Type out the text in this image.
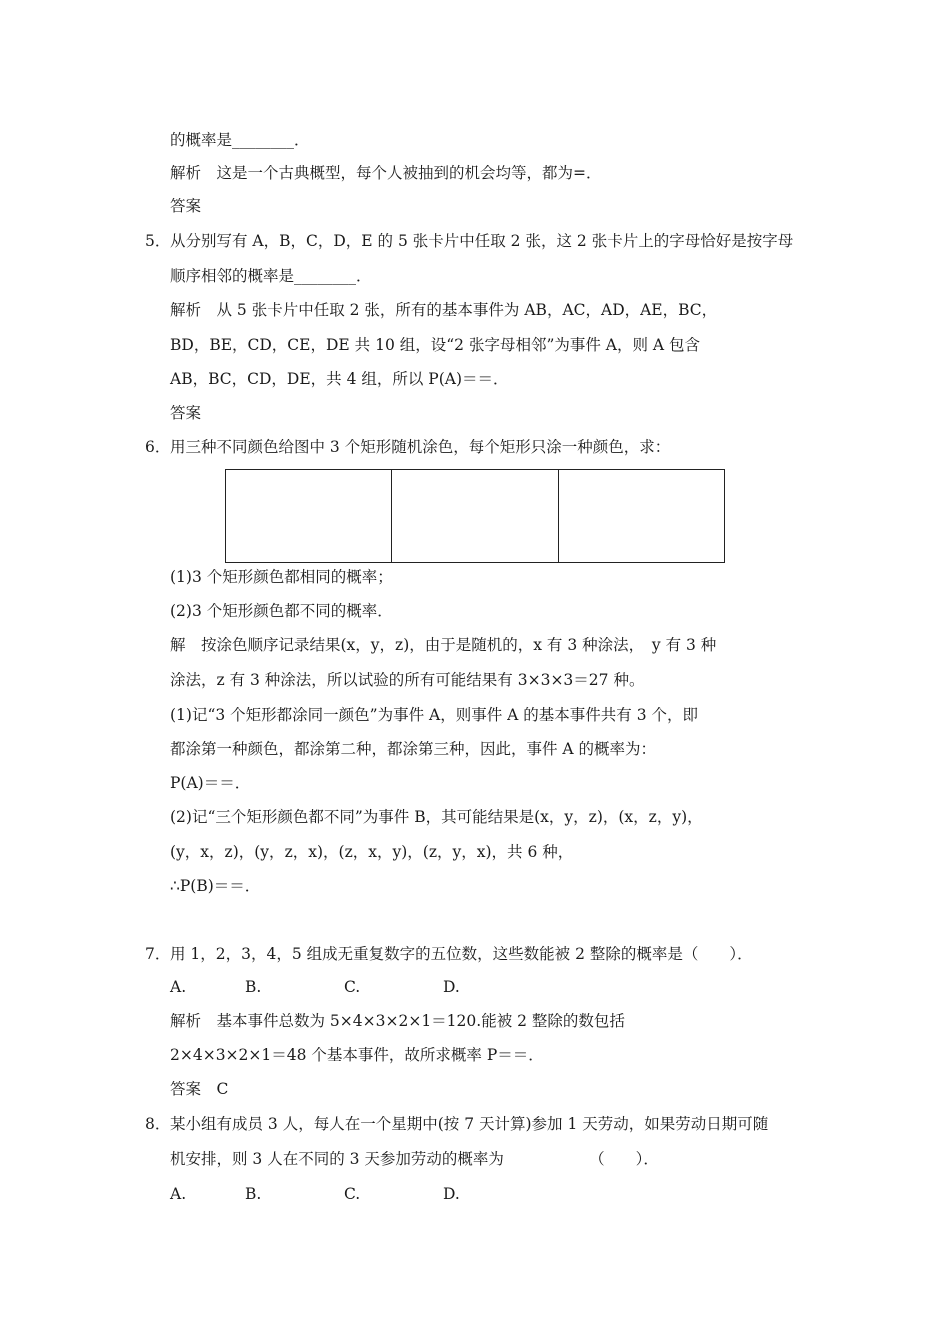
的概率是________．
解析　这是一个古典概型，每个人被抽到的机会均等，都为=．
答案
5． 从分别写有 A，B，C，D，E 的 5 张卡片中任取 2 张，这 2 张卡片上的字母恰好是按字母
顺序相邻的概率是________．
解析　从 5 张卡片中任取 2 张，所有的基本事件为 AB，AC，AD，AE，BC，
BD，BE，CD，CE，DE 共 10 组，设“2 张字母相邻”为事件 A，则 A 包含
AB，BC，CD，DE，共 4 组，所以 P(A)＝＝．
答案
6． 用三种不同颜色给图中 3 个矩形随机涂色，每个矩形只涂一种颜色，求：
(1)3 个矩形颜色都相同的概率；
(2)3 个矩形颜色都不同的概率．
解　按涂色顺序记录结果(x，y，z)，由于是随机的，x 有 3 种涂法，　y 有 3 种
涂法，z 有 3 种涂法，所以试验的所有可能结果有 3×3×3＝27 种。
(1)记“3 个矩形都涂同一颜色”为事件 A，则事件 A 的基本事件共有 3 个，即
都涂第一种颜色，都涂第二种，都涂第三种，因此，事件 A 的概率为：
P(A)＝＝．
(2)记“三个矩形颜色都不同”为事件 B，其可能结果是(x，y，z)，(x，z，y)，
(y，x，z)，(y，z，x)，(z，x，y)，(z，y，x)，共 6 种，
∴P(B)＝＝．
7． 用 1，2，3，4，5 组成无重复数字的五位数，这些数能被 2 整除的概率是（　　）．
A.	B.	C.	D.
解析　基本事件总数为 5×4×3×2×1＝120.能被 2 整除的数包括
2×4×3×2×1＝48 个基本事件，故所求概率 P＝＝．
答案　C
8． 某小组有成员 3 人，每人在一个星期中(按 7 天计算)参加 1 天劳动，如果劳动日期可随
机安排，则 3 人在不同的 3 天参加劳动的概率为　　　　　　（　　）．
A.	B.	C.	D.
